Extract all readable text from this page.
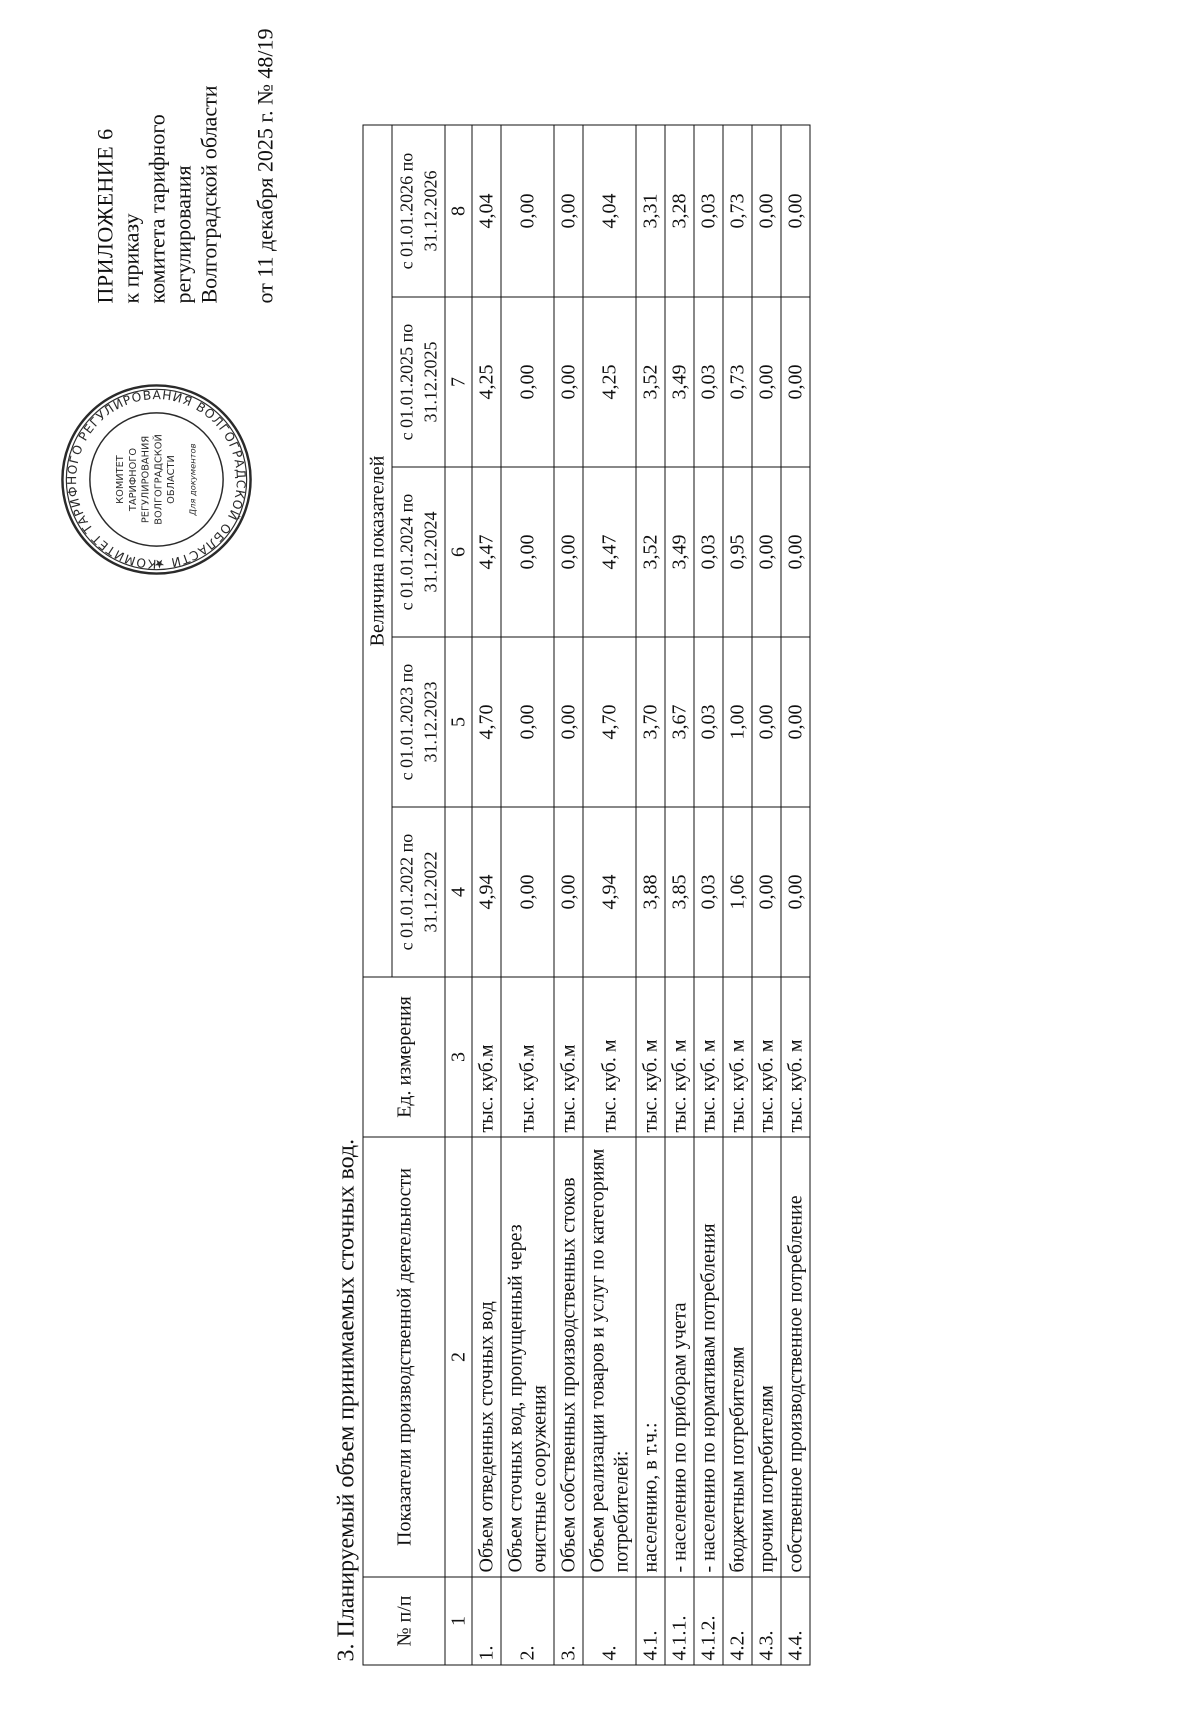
ПРИЛОЖЕНИЕ 6 к приказу комитета тарифного регулирования Волгоградской области от 11 декабря 2025 г. № 48/19
КОМИТЕТ ТАРИФНОГО РЕГУЛИРОВАНИЯ ВОЛГОГРАДСКОЙ ОБЛАСТИ ★
КОМИТЕТ ТАРИФНОГО РЕГУЛИРОВАНИЯ ВОЛГОГРАДСКОЙ ОБЛАСТИ Для документов
3. Планируемый объем принимаемых сточных вод. № п/п	Показатели производственной деятельности	Ед. измерения	Величина показателей				
			с 01.01.2022 по 31.12.2022	с 01.01.2023 по 31.12.2023	с 01.01.2024 по 31.12.2024	с 01.01.2025 по 31.12.2025	с 01.01.2026 по 31.12.2026
1	2	3	4	5	6	7	8
1.	Объем отведенных сточных вод	тыс. куб.м	4,94	4,70	4,47	4,25	4,04
2.	Объем сточных вод, пропущенный через очистные сооружения	тыс. куб.м	0,00	0,00	0,00	0,00	0,00
3.	Объем собственных производственных стоков	тыс. куб.м	0,00	0,00	0,00	0,00	0,00
4.	Объем реализации товаров и услуг по категориям потребителей:	тыс. куб. м	4,94	4,70	4,47	4,25	4,04
4.1.	населению, в т.ч.:	тыс. куб. м	3,88	3,70	3,52	3,52	3,31
4.1.1.	- населению по приборам учета	тыс. куб. м	3,85	3,67	3,49	3,49	3,28
4.1.2.	- населению по нормативам потребления	тыс. куб. м	0,03	0,03	0,03	0,03	0,03
4.2.	бюджетным потребителям	тыс. куб. м	1,06	1,00	0,95	0,73	0,73
4.3.	прочим потребителям	тыс. куб. м	0,00	0,00	0,00	0,00	0,00
4.4.	собственное производственное потребление	тыс. куб. м	0,00	0,00	0,00	0,00	0,00
